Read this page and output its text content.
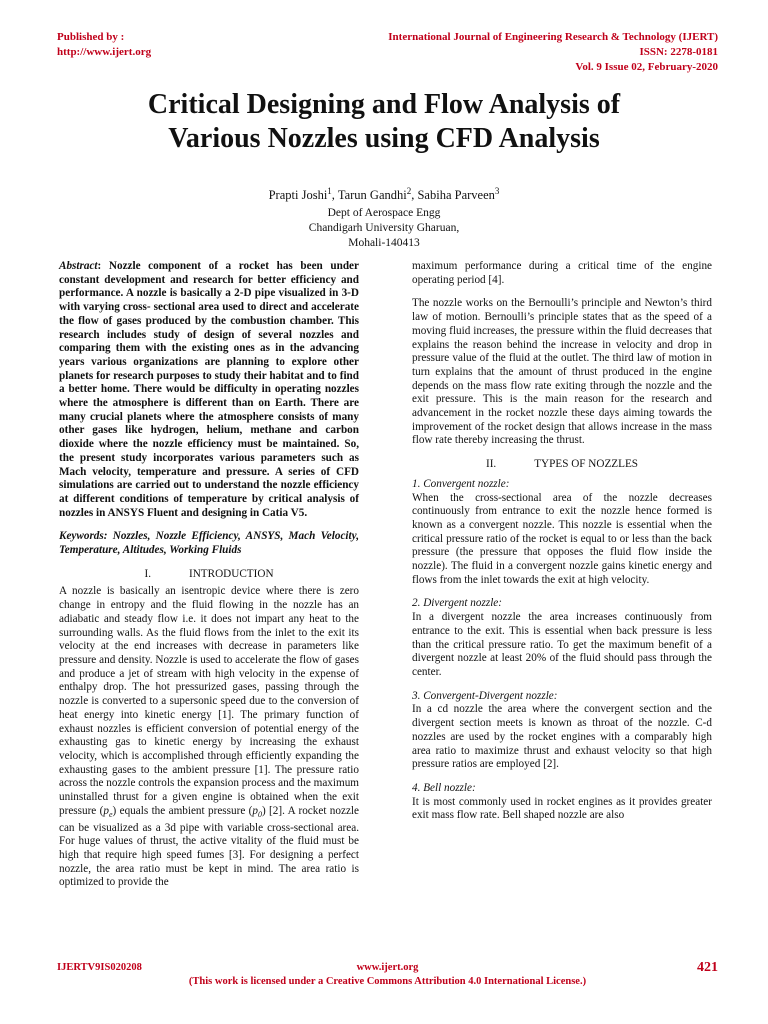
Published by :
http://www.ijert.org
International Journal of Engineering Research & Technology (IJERT)
ISSN: 2278-0181
Vol. 9 Issue 02, February-2020
Critical Designing and Flow Analysis of
Various Nozzles using CFD Analysis
Prapti Joshi$^1$, Tarun Gandhi$^2$, Sabiha Parveen$^3$
Dept of Aerospace Engg
Chandigarh University Gharuan,
Mohali-140413

Abstract: Nozzle component of a rocket has been under constant development and research for better efficiency and performance. A nozzle is basically a 2-D pipe visualized in 3-D with varying cross- sectional area used to direct and accelerate the flow of gases produced by the combustion chamber. This research includes study of design of several nozzles and comparing them with the existing ones as in the advancing years various organizations are planning to explore other planets for research purposes to study their habitat and to find a better home. There would be difficulty in operating nozzles where the atmosphere is different than on Earth. There are many crucial planets where the atmosphere consists of many other gases like hydrogen, helium, methane and carbon dioxide where the nozzle efficiency must be maintained. So, the present study incorporates various parameters such as Mach velocity, temperature and pressure. A series of CFD simulations are carried out to understand the nozzle efficiency at different conditions of temperature by critical analysis of nozzles in ANSYS Fluent and designing in Catia V5.

Keywords: Nozzles, Nozzle Efficiency, ANSYS, Mach Velocity, Temperature, Altitudes, Working Fluids

I.	INTRODUCTION

A nozzle is basically an isentropic device where there is zero change in entropy and the fluid flowing in the nozzle has an adiabatic and steady flow i.e. it does not impart any heat to the surrounding walls. As the fluid flows from the inlet to the exit its velocity at the end increases with decrease in parameters like pressure and density. Nozzle is used to accelerate the flow of gases and produce a jet of stream with high velocity in the expense of enthalpy drop. The hot pressurized gases, passing through the nozzle is converted to a supersonic speed due to the conversion of heat energy into kinetic energy [1]. The primary function of exhaust nozzles is efficient conversion of potential energy of the exhausting gas to kinetic energy by increasing the exhaust velocity, which is accomplished through efficiently expanding the exhausting gases to the ambient pressure [1]. The pressure ratio across the nozzle controls the expansion process and the maximum uninstalled thrust for a given engine is obtained when the exit pressure $(p_e)$ equals the ambient pressure $(p_0)$ [2]. A rocket nozzle can be visualized as a 3d pipe with variable cross-sectional area. For huge values of thrust, the active vitality of the fluid must be high that require high speed fumes [3]. For designing a perfect nozzle, the area ratio must be kept in mind. The area ratio is optimized to provide the

maximum performance during a critical time of the engine operating period [4].

The nozzle works on the Bernoulli’s principle and Newton’s third law of motion. Bernoulli’s principle states that as the speed of a moving fluid increases, the pressure within the fluid decreases that explains the reason behind the increase in velocity and drop in pressure value of the fluid at the outlet. The third law of motion in turn explains that the amount of thrust produced in the engine depends on the mass flow rate exiting through the nozzle and the exit pressure. This is the main reason for the research and advancement in the rocket nozzle these days aiming towards the improvement of the rocket design that allows increase in the mass flow rate thereby increasing the thrust.

II.	TYPES OF NOZZLES
1. Convergent nozzle:

When the cross-sectional area of the nozzle decreases continuously from entrance to exit the nozzle hence formed is known as a convergent nozzle. This nozzle is essential when the critical pressure ratio of the rocket is equal to or less than the back pressure (the pressure that opposes the fluid flow inside the nozzle). The fluid in a convergent nozzle gains kinetic energy and flows from the inlet towards the exit at high velocity.

2. Divergent nozzle:

In a divergent nozzle the area increases continuously from entrance to the exit. This is essential when back pressure is less than the critical pressure ratio. To get the maximum benefit of a divergent nozzle at least 20% of the fluid should pass through the center.

3. Convergent-Divergent nozzle:

In a cd nozzle the area where the convergent section and the divergent section meets is known as throat of the nozzle. C-d nozzles are used by the rocket engines with a comparably high area ratio to maximize thrust and exhaust velocity so that high pressure ratios are employed [2].

4. Bell nozzle:

It is most commonly used in rocket engines as it provides greater exit mass flow rate. Bell shaped nozzle are also

IJERTV9IS020208	www.ijert.org	421
(This work is licensed under a Creative Commons Attribution 4.0 International License.)
